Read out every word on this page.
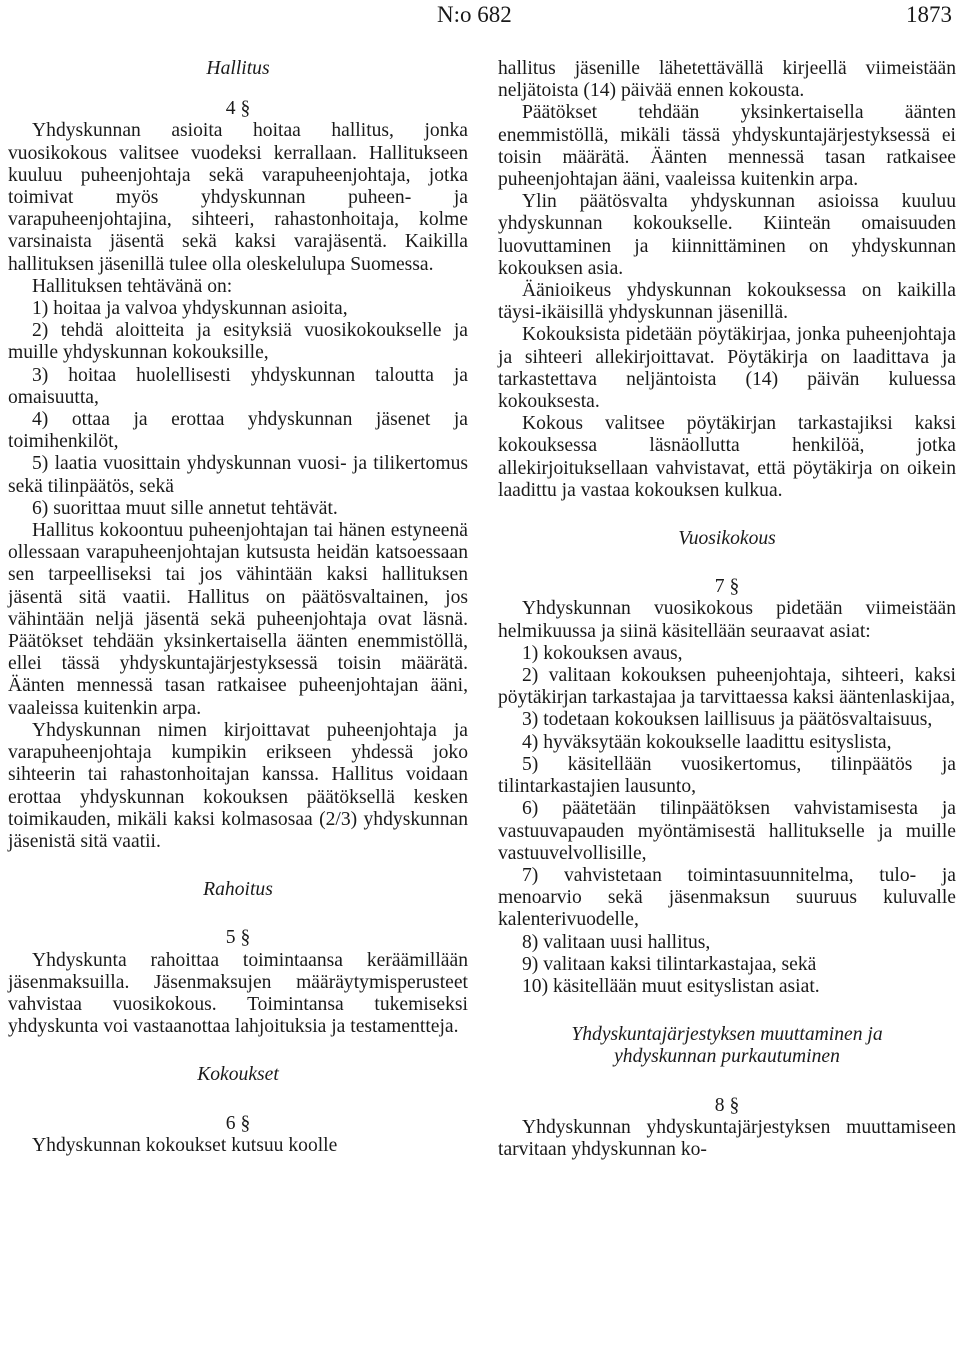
N:o 682	1873

Hallitus

4 §

Yhdyskunnan asioita hoitaa hallitus, jonka vuosikokous valitsee vuodeksi kerrallaan. Hallitukseen kuuluu puheenjohtaja sekä varapuheenjohtaja, jotka toimivat myös yhdyskunnan puheen- ja varapuheenjohtajina, sihteeri, rahastonhoitaja, kolme varsinaista jäsentä sekä kaksi varajäsentä. Kaikilla hallituksen jäsenillä tulee olla oleskelulupa Suomessa.

Hallituksen tehtävänä on:

1) hoitaa ja valvoa yhdyskunnan asioita,

2) tehdä aloitteita ja esityksiä vuosikokoukselle ja muille yhdyskunnan kokouksille,

3) hoitaa huolellisesti yhdyskunnan taloutta ja omaisuutta,

4) ottaa ja erottaa yhdyskunnan jäsenet ja toimihenkilöt,

5) laatia vuosittain yhdyskunnan vuosi- ja tilikertomus sekä tilinpäätös, sekä

6) suorittaa muut sille annetut tehtävät.

Hallitus kokoontuu puheenjohtajan tai hänen estyneenä ollessaan varapuheenjohtajan kutsusta heidän katsoessaan sen tarpeelliseksi tai jos vähintään kaksi hallituksen jäsentä sitä vaatii. Hallitus on päätösvaltainen, jos vähintään neljä jäsentä sekä puheenjohtaja ovat läsnä. Päätökset tehdään yksinkertaisella äänten enemmistöllä, ellei tässä yhdyskuntajärjestyksessä toisin määrätä. Äänten mennessä tasan ratkaisee puheenjohtajan ääni, vaaleissa kuitenkin arpa.

Yhdyskunnan nimen kirjoittavat puheenjohtaja ja varapuheenjohtaja kumpikin erikseen yhdessä joko sihteerin tai rahastonhoitajan kanssa. Hallitus voidaan erottaa yhdyskunnan kokouksen päätöksellä kesken toimikauden, mikäli kaksi kolmasosaa (2/3) yhdyskunnan jäsenistä sitä vaatii.

Rahoitus

5 §

Yhdyskunta rahoittaa toimintaansa keräämillään jäsenmaksuilla. Jäsenmaksujen määräytymisperusteet vahvistaa vuosikokous. Toimintansa tukemiseksi yhdyskunta voi vastaanottaa lahjoituksia ja testamentteja.

Kokoukset

6 §

Yhdyskunnan kokoukset kutsuu koolle

hallitus jäsenille lähetettävällä kirjeellä viimeistään neljätoista (14) päivää ennen kokousta.

Päätökset tehdään yksinkertaisella äänten enemmistöllä, mikäli tässä yhdyskuntajärjestyksessä ei toisin määrätä. Äänten mennessä tasan ratkaisee puheenjohtajan ääni, vaaleissa kuitenkin arpa.

Ylin päätösvalta yhdyskunnan asioissa kuuluu yhdyskunnan kokoukselle. Kiinteän omaisuuden luovuttaminen ja kiinnittäminen on yhdyskunnan kokouksen asia.

Äänioikeus yhdyskunnan kokouksessa on kaikilla täysi-ikäisillä yhdyskunnan jäsenillä.

Kokouksista pidetään pöytäkirjaa, jonka puheenjohtaja ja sihteeri allekirjoittavat. Pöytäkirja on laadittava ja tarkastettava neljäntoista (14) päivän kuluessa kokouksesta.

Kokous valitsee pöytäkirjan tarkastajiksi kaksi kokouksessa läsnäollutta henkilöä, jotka allekirjoituksellaan vahvistavat, että pöytäkirja on oikein laadittu ja vastaa kokouksen kulkua.

Vuosikokous

7 §

Yhdyskunnan vuosikokous pidetään viimeistään helmikuussa ja siinä käsitellään seuraavat asiat:

1) kokouksen avaus,

2) valitaan kokouksen puheenjohtaja, sihteeri, kaksi pöytäkirjan tarkastajaa ja tarvittaessa kaksi ääntenlaskijaa,

3) todetaan kokouksen laillisuus ja päätösvaltaisuus,

4) hyväksytään kokoukselle laadittu esityslista,

5) käsitellään vuosikertomus, tilinpäätös ja tilintarkastajien lausunto,

6) päätetään tilinpäätöksen vahvistamisesta ja vastuuvapauden myöntämisestä hallitukselle ja muille vastuuvelvollisille,

7) vahvistetaan toimintasuunnitelma, tulo- ja menoarvio sekä jäsenmaksun suuruus kuluvalle kalenterivuodelle,

8) valitaan uusi hallitus,

9) valitaan kaksi tilintarkastajaa, sekä

10) käsitellään muut esityslistan asiat.

Yhdyskuntajärjestyksen muuttaminen ja

yhdyskunnan purkautuminen

8 §

Yhdyskunnan yhdyskuntajärjestyksen muuttamiseen tarvitaan yhdyskunnan ko-
